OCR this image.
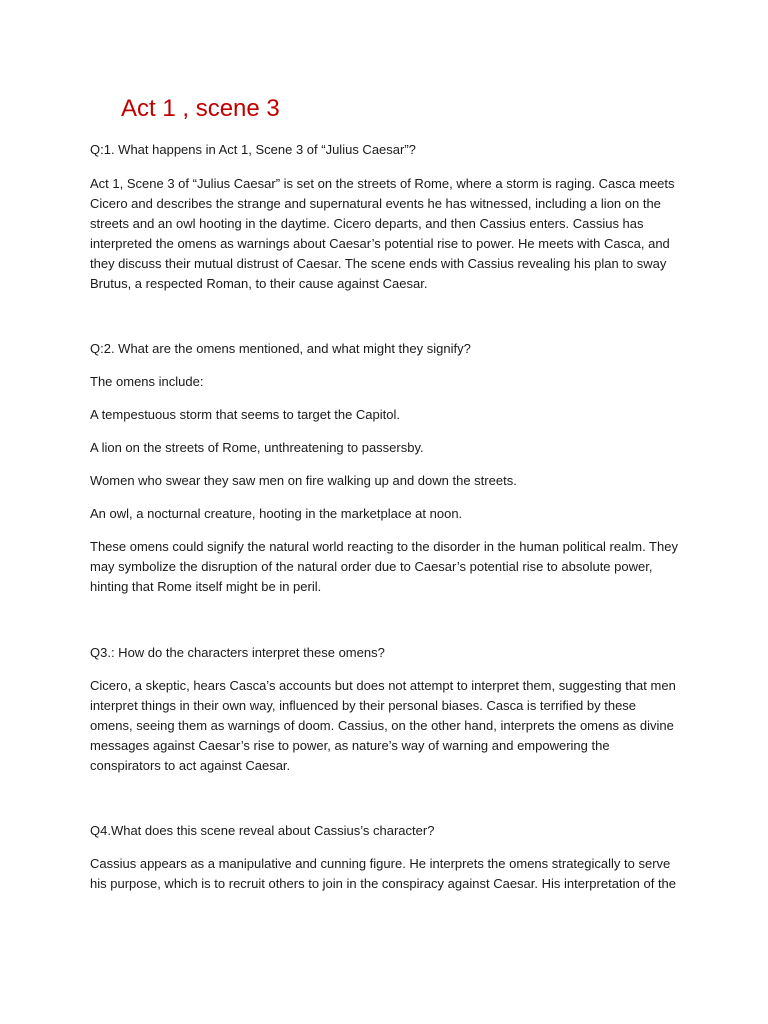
Act 1 , scene 3

Q:1. What happens in Act 1, Scene 3 of “Julius Caesar”?

Act 1, Scene 3 of “Julius Caesar” is set on the streets of Rome, where a storm is raging. Casca meets Cicero and describes the strange and supernatural events he has witnessed, including a lion on the streets and an owl hooting in the daytime. Cicero departs, and then Cassius enters. Cassius has interpreted the omens as warnings about Caesar’s potential rise to power. He meets with Casca, and they discuss their mutual distrust of Caesar. The scene ends with Cassius revealing his plan to sway Brutus, a respected Roman, to their cause against Caesar.

Q:2. What are the omens mentioned, and what might they signify?

The omens include:

A tempestuous storm that seems to target the Capitol.

A lion on the streets of Rome, unthreatening to passersby.

Women who swear they saw men on fire walking up and down the streets.

An owl, a nocturnal creature, hooting in the marketplace at noon.

These omens could signify the natural world reacting to the disorder in the human political realm. They may symbolize the disruption of the natural order due to Caesar’s potential rise to absolute power, hinting that Rome itself might be in peril.

Q3.: How do the characters interpret these omens?

Cicero, a skeptic, hears Casca’s accounts but does not attempt to interpret them, suggesting that men interpret things in their own way, influenced by their personal biases. Casca is terrified by these omens, seeing them as warnings of doom. Cassius, on the other hand, interprets the omens as divine messages against Caesar’s rise to power, as nature’s way of warning and empowering the conspirators to act against Caesar.

Q4.What does this scene reveal about Cassius’s character?

Cassius appears as a manipulative and cunning figure. He interprets the omens strategically to serve his purpose, which is to recruit others to join in the conspiracy against Caesar. His interpretation of the
